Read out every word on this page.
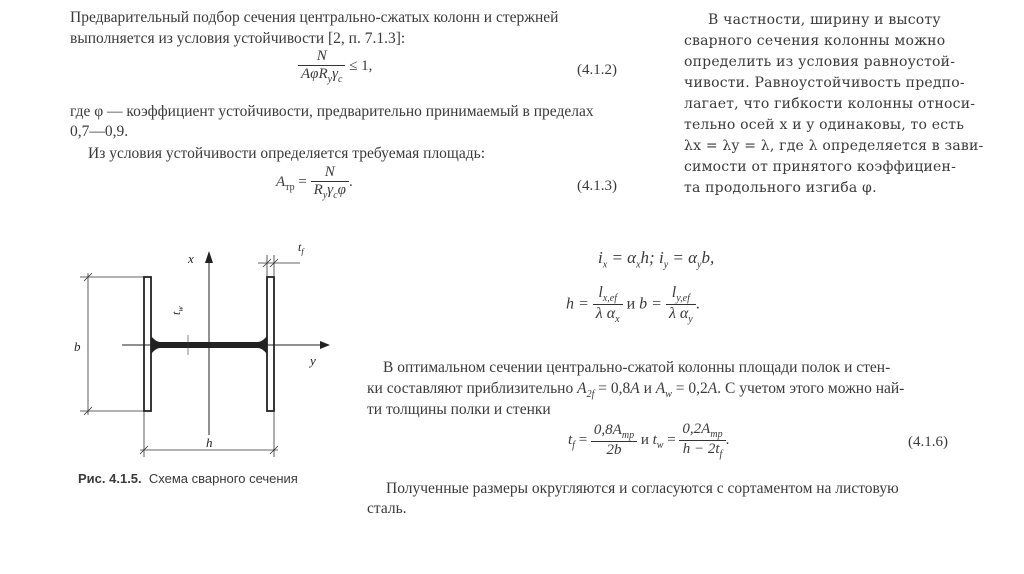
Предварительный подбор сечения центрально-сжатых колонн и стержней
выполняется из условия устойчивости [2, п. 7.1.3]:
$\frac{N}{A\varphi R_y\gamma_c} \le 1$,	(4.1.2)
где φ — коэффициент устойчивости, предварительно принимаемый в пределах
0,7—0,9.
Из условия устойчивости определяется требуемая площадь:
$A_{тр} = \frac{N}{R_y\gamma_c\varphi}$ .	(4.1.3)
В частности, ширину и высоту
сварного сечения колонны можно
определить из условия равноустой-
чивости. Равноустойчивость предпо-
лагает, что гибкости колонны относи-
тельно осей x и y одинаковы, то есть
λx = λy = λ, где λ определяется в зави-
симости от принятого коэффициен-
та продольного изгиба φ.
b
y
x
$t_w$
$t_f$
h
Рис. 4.1.5. Схема сварного сечения
$i_x = \alpha_xh$; $i_y = \alpha_yb$,
$h = \frac{l_{x,ef}}{\lambda \alpha_x}$ и $b = \frac{l_{y,ef}}{\lambda \alpha_y}$ .
В оптимальном сечении центрально-сжатой колонны площади полок и стен-
ки составляют приблизительно $A_{2f} = 0,8A$ и $A_w = 0,2A$. С учетом этого можно най-
ти толщины полки и стенки
$t_f = \frac{0,8A_{тр}}{2b}$ и $t_w = \frac{0,2A_{тр}}{h - 2t_f}$ .	(4.1.6)
Полученные размеры округляются и согласуются с сортаментом на листовую
сталь.
